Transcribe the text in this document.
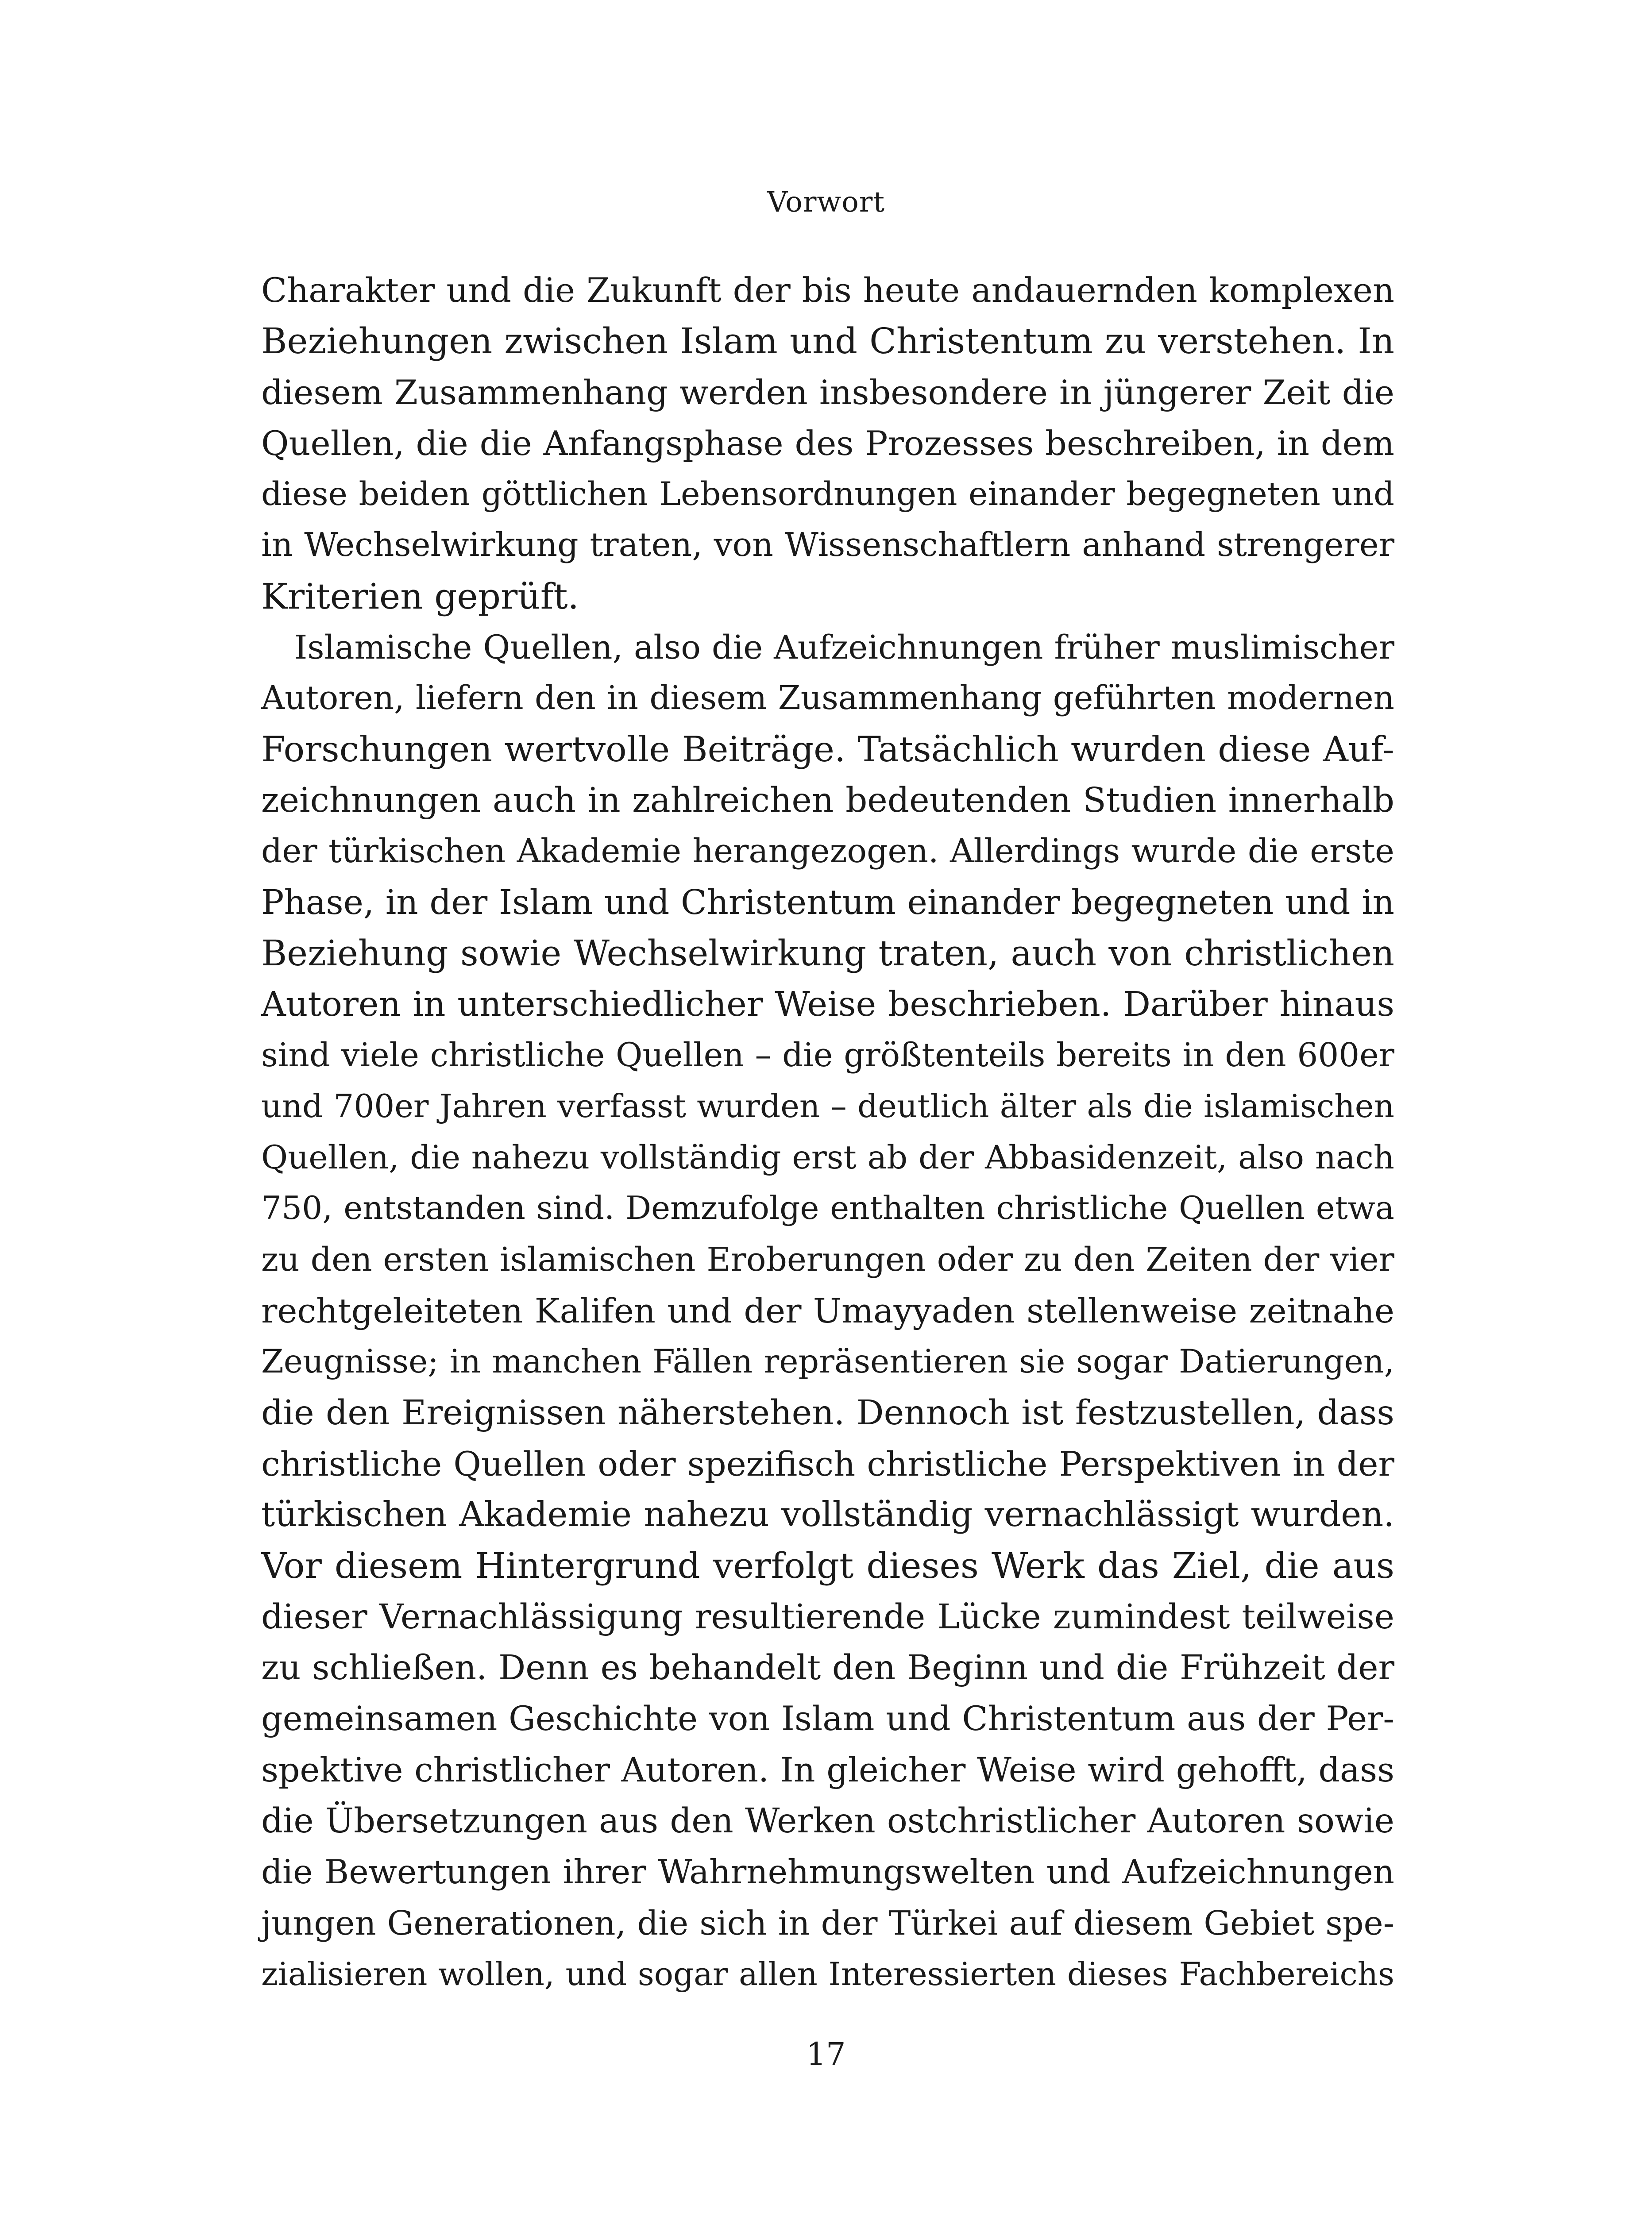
Vorwort
Charakter und die Zukunft der bis heute andauernden komplexen
Beziehungen zwischen Islam und Christentum zu verstehen. In
diesem Zusammenhang werden insbesondere in jüngerer Zeit die
Quellen, die die Anfangsphase des Prozesses beschreiben, in dem
diese beiden göttlichen Lebensordnungen einander begegneten und
in Wechselwirkung traten, von Wissenschaftlern anhand strengerer
Kriterien geprüft.
Islamische Quellen, also die Aufzeichnungen früher muslimischer
Autoren, liefern den in diesem Zusammenhang geführten modernen
Forschungen wertvolle Beiträge. Tatsächlich wurden diese Auf-
zeichnungen auch in zahlreichen bedeutenden Studien innerhalb
der türkischen Akademie herangezogen. Allerdings wurde die erste
Phase, in der Islam und Christentum einander begegneten und in
Beziehung sowie Wechselwirkung traten, auch von christlichen
Autoren in unterschiedlicher Weise beschrieben. Darüber hinaus
sind viele christliche Quellen – die größtenteils bereits in den 600er
und 700er Jahren verfasst wurden – deutlich älter als die islamischen
Quellen, die nahezu vollständig erst ab der Abbasidenzeit, also nach
750, entstanden sind. Demzufolge enthalten christliche Quellen etwa
zu den ersten islamischen Eroberungen oder zu den Zeiten der vier
rechtgeleiteten Kalifen und der Umayyaden stellenweise zeitnahe
Zeugnisse; in manchen Fällen repräsentieren sie sogar Datierungen,
die den Ereignissen näherstehen. Dennoch ist festzustellen, dass
christliche Quellen oder spezifisch christliche Perspektiven in der
türkischen Akademie nahezu vollständig vernachlässigt wurden.
Vor diesem Hintergrund verfolgt dieses Werk das Ziel, die aus
dieser Vernachlässigung resultierende Lücke zumindest teilweise
zu schließen. Denn es behandelt den Beginn und die Frühzeit der
gemeinsamen Geschichte von Islam und Christentum aus der Per-
spektive christlicher Autoren. In gleicher Weise wird gehofft, dass
die Übersetzungen aus den Werken ostchristlicher Autoren sowie
die Bewertungen ihrer Wahrnehmungswelten und Aufzeichnungen
jungen Generationen, die sich in der Türkei auf diesem Gebiet spe-
zialisieren wollen, und sogar allen Interessierten dieses Fachbereichs
17
